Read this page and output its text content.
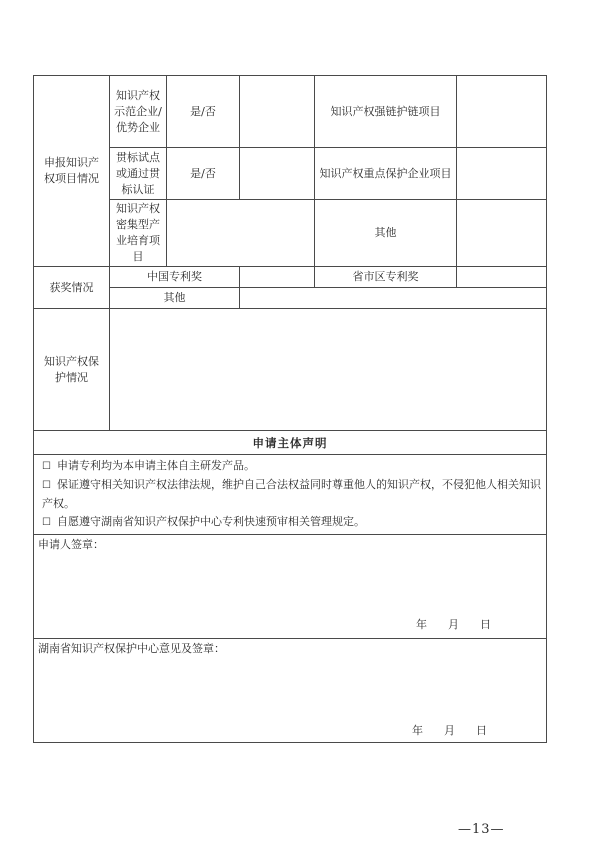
申报知识产权项目情况	知识产权示范企业/优势企业	是/否		知识产权强链护链项目	
	贯标试点或通过贯标认证	是/否		知识产权重点保护企业项目	
	知识产权密集型产业培育项目			其他	
获奖情况	中国专利奖			省市区专利奖	
	其他				
知识产权保护情况					
申请主体声明					

☐ 申请专利均为本申请主体自主研发产品。
☐ 保证遵守相关知识产权法律法规，维护自己合法权益同时尊重他人的知识产权，不侵犯他人相关知识产权。
☐ 自愿遵守湖南省知识产权保护中心专利快速预审相关管理规定。					

申请人签章：
年 月 日					

湖南省知识产权保护中心意见及签章：
年 月 日					
—13—
